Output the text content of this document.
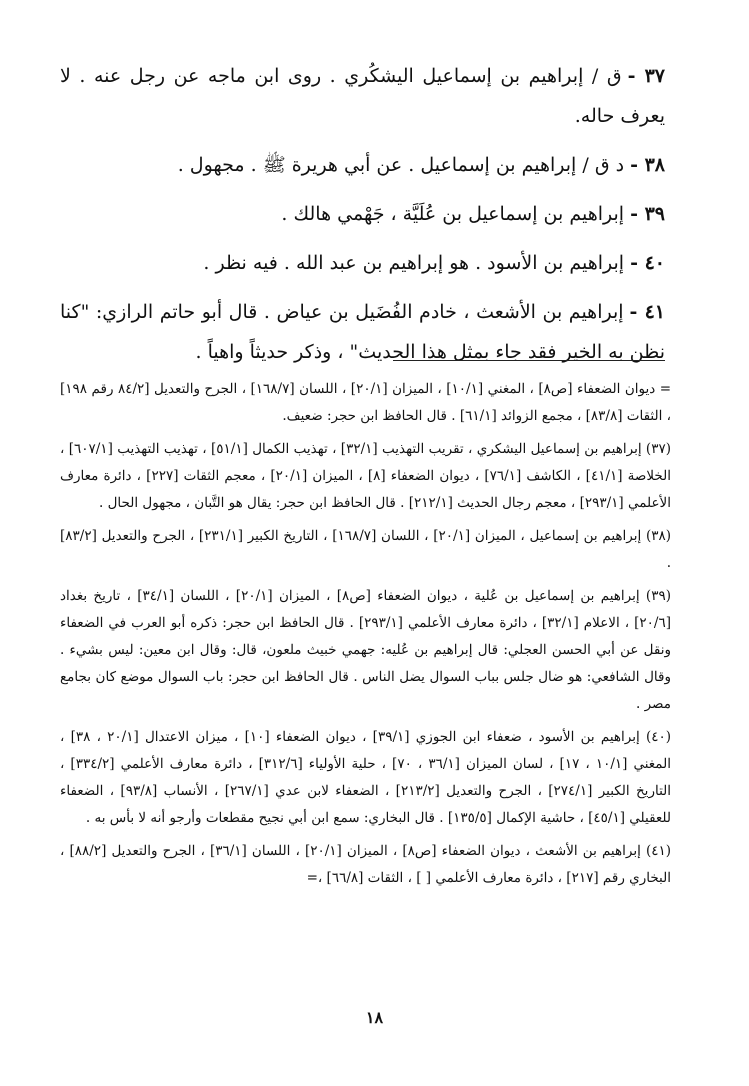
٣٧ -ق / إبراهيم بن إسماعيل اليشكُري . روى ابن ماجه عن رجل عنه . لا يعرف حاله.

٣٨ -د ق / إبراهيم بن إسماعيل . عن أبي هريرة ﷺ . مجهول .

٣٩ -إبراهيم بن إسماعيل بن عُلَيَّة ، جَهْمي هالك .

٤٠ -إبراهيم بن الأسود . هو إبراهيم بن عبد الله . فيه نظر .

٤١ -إبراهيم بن الأشعث ، خادم الفُضَيل بن عياض . قال أبو حاتم الرازي: "كنا نظن به الخير فقد جاء بمثل هذا الحديث" ، وذكر حديثاً واهياً .

= ديوان الضعفاء [ص٨] ، المغني [١٠/١] ، الميزان [٢٠/١] ، اللسان [١٦٨/٧] ، الجرح والتعديل [٨٤/٢ رقم ١٩٨] ، الثقات [٨٣/٨] ، مجمع الزوائد [٦١/١] . قال الحافظ ابن حجر: ضعيف.

(٣٧) إبراهيم بن إسماعيل اليشكري ، تقريب التهذيب [٣٢/١] ، تهذيب الكمال [٥١/١] ، تهذيب التهذيب [٦٠٧/١] ، الخلاصة [٤١/١] ، الكاشف [٧٦/١] ، ديوان الضعفاء [٨] ، الميزان [٢٠/١] ، معجم الثقات [٢٢٧] ، دائرة معارف الأعلمي [٢٩٣/١] ، معجم رجال الحديث [٢١٢/١] . قال الحافظ ابن حجر: يقال هو التَّبان ، مجهول الحال .

(٣٨) إبراهيم بن إسماعيل ، الميزان [٢٠/١] ، اللسان [١٦٨/٧] ، التاريخ الكبير [٢٣١/١] ، الجرح والتعديل [٨٣/٢] .

(٣٩) إبراهيم بن إسماعيل بن عُلية ، ديوان الضعفاء [ص٨] ، الميزان [٢٠/١] ، اللسان [٣٤/١] ، تاريخ بغداد [٢٠/٦] ، الاعلام [٣٢/١] ، دائرة معارف الأعلمي [٢٩٣/١] . قال الحافظ ابن حجر: ذكره أبو العرب في الضعفاء ونقل عن أبي الحسن العجلي: قال إبراهيم بن عُليه: جهمي خبيث ملعون، قال: وقال ابن معين: ليس بشيء . وقال الشافعي: هو ضال جلس بباب السوال يضل الناس . قال الحافظ ابن حجر: باب السوال موضع كان بجامع مصر .

(٤٠) إبراهيم بن الأسود ، ضعفاء ابن الجوزي [٣٩/١] ، ديوان الضعفاء [١٠] ، ميزان الاعتدال [٢٠/١ ، ٣٨] ، المغني [١٠/١ ، ١٧] ، لسان الميزان [٣٦/١ ، ٧٠] ، حلية الأولياء [٣١٢/٦] ، دائرة معارف الأعلمي [٣٣٤/٢] ، التاريخ الكبير [٢٧٤/١] ، الجرح والتعديل [٢١٣/٢] ، الضعفاء لابن عدي [٢٦٧/١] ، الأنساب [٩٣/٨] ، الضعفاء للعقيلي [٤٥/١] ، حاشية الإكمال [١٣٥/٥] . قال البخاري: سمع ابن أبي نجيح مقطعات وأرجو أنه لا بأس به .

(٤١) إبراهيم بن الأشعث ، ديوان الضعفاء [ص٨] ، الميزان [٢٠/١] ، اللسان [٣٦/١] ، الجرح والتعديل [٨٨/٢] ، البخاري رقم [٢١٧] ، دائرة معارف الأعلمي [ ] ، الثقات [٦٦/٨] ،=

١٨
